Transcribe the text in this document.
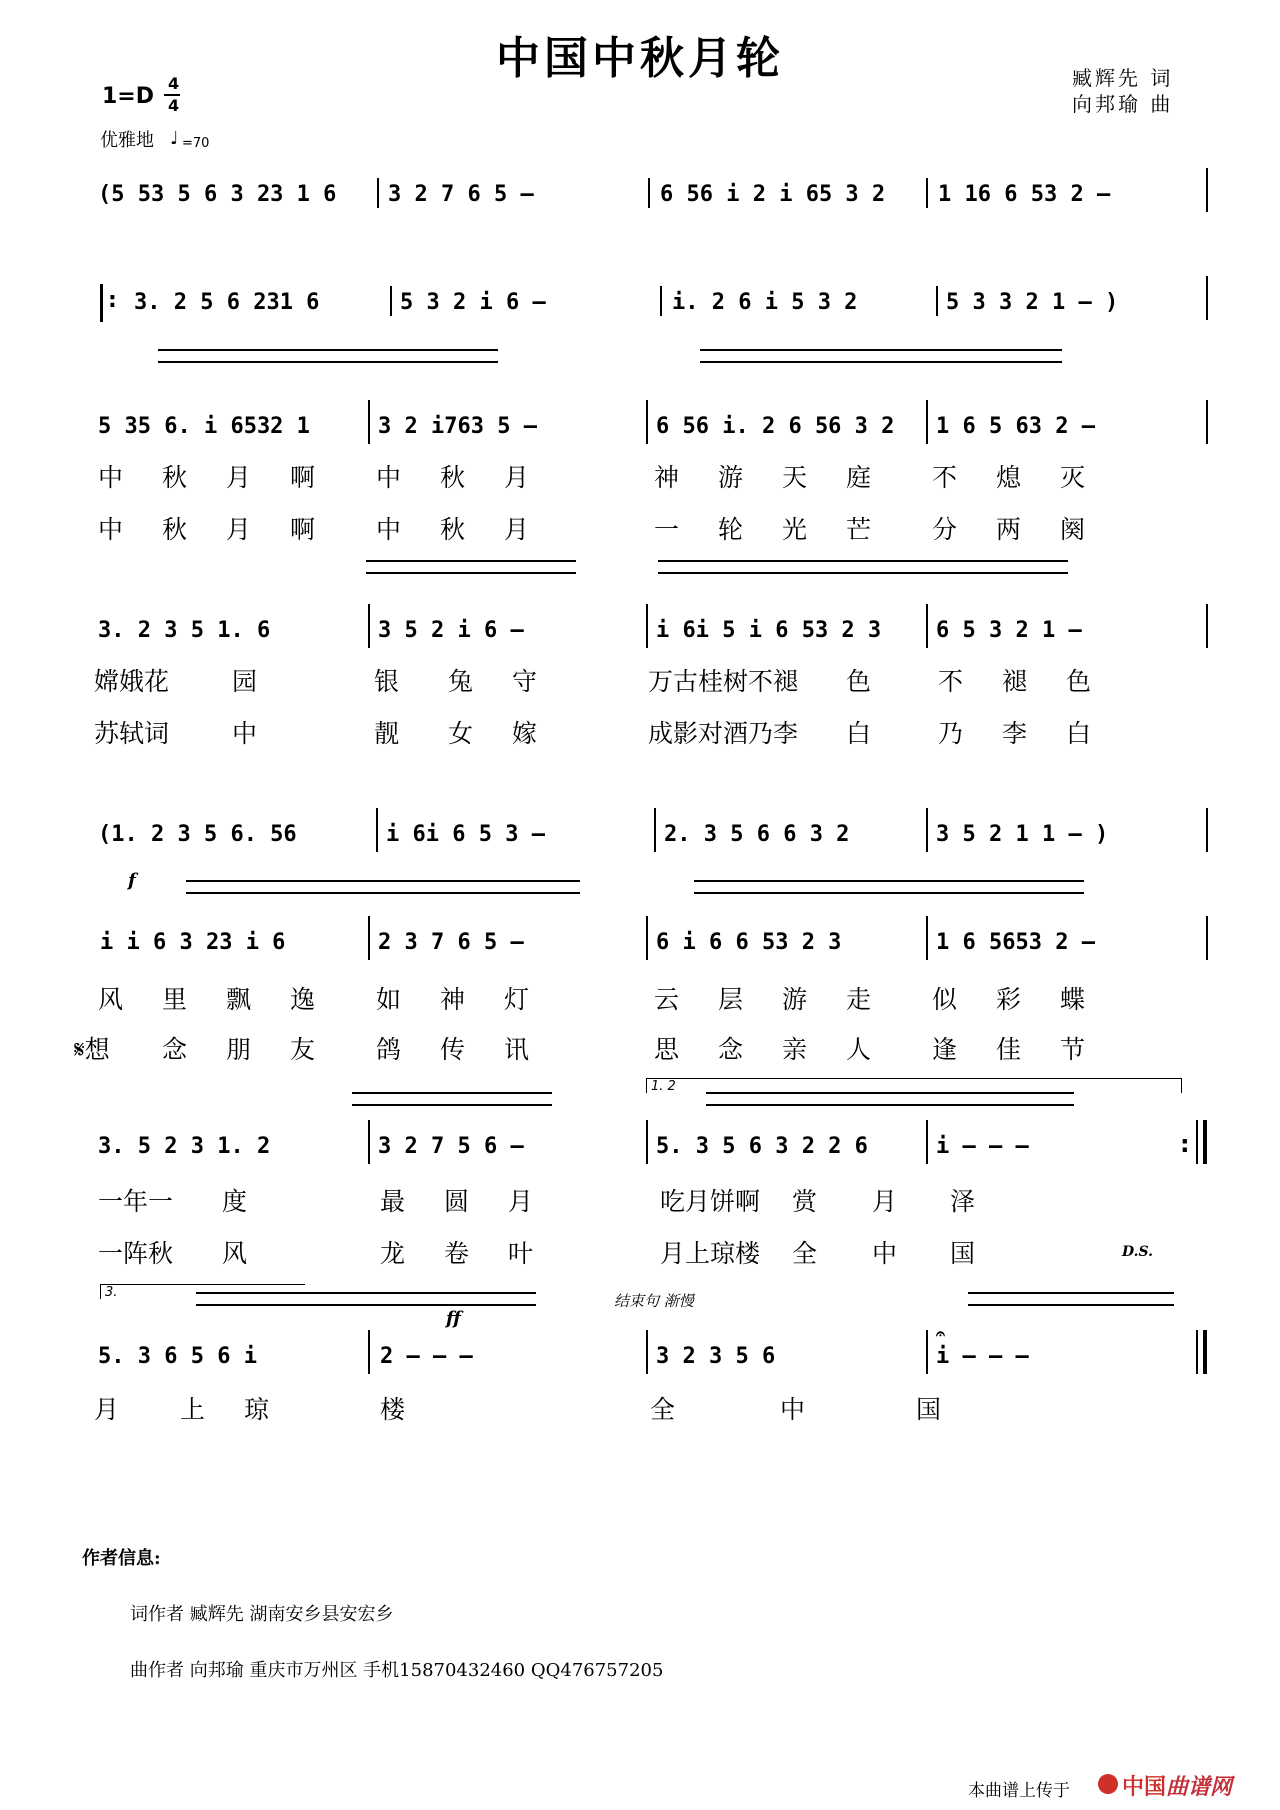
中国中秋月轮	臧辉先 词
向邦瑜 曲
1=D
4
4
优雅地 ♩ =70
(5 53 5 6 3 23 1 6 3 2 7 6 5 –	6 56 i 2 i 65 3 2 1 16 6 53 2 –
: 3. 2 5 6 231 6	5 3 2 i 6 –	i. 2 6 i 5 3 2	5 3 3 2 1 – )
5 35 6. i 6532 1	3 2 i763 5 –	6 56 i. 2 6 56 3 2 1 6 5 63 2 –
中 秋 月 啊 中 秋 月	神 游 天 庭 不 熄 灭
中 秋 月 啊 中 秋 月	一 轮 光 芒 分 两 阕
3. 2 3 5 1. 6	3 5 2 i 6 –	i 6i 5 i 6 53 2 3 6 5 3 2 1 –
嫦娥花	园	银 兔 守	万古桂树不褪 色	不 褪 色
苏轼词	中	靓 女 嫁	成影对酒乃李 白	乃 李 白
(1. 2 3 5 6. 56	i 6i 6 5 3 –	2. 3 5 6 6 3 2	3 5 2 1 1 – )
f
i i 6 3 23 i 6	2 3 7 6 5 –	6 i 6 6 53 2 3	1 6 5653 2 –
风 里 飘 逸 如 神 灯	云 层 游 走 似 彩 蝶
𝄋想 念 朋 友 鸽 传 讯	思 念 亲 人 逢 佳 节
1. 2
3. 5 2 3 1. 2	3 2 7 5 6 –	5. 3 5 6 3 2 2 6	i – – –	:
一年一 度	最 圆 月	吃月饼啊 赏 月 泽
一阵秋 风	龙 卷 叶	月上琼楼 全 中 国	D.S.
3.
ff
结束句 渐慢
5. 3 6 5 6 i	2 – – –	3 2 3 5 6
𝄐
i – – –
月 上 琼	楼	全	中	国
作者信息:
词作者 臧辉先 湖南安乡县安宏乡
曲作者 向邦瑜 重庆市万州区 手机15870432460 QQ476757205
本曲谱上传于 中国曲谱网
